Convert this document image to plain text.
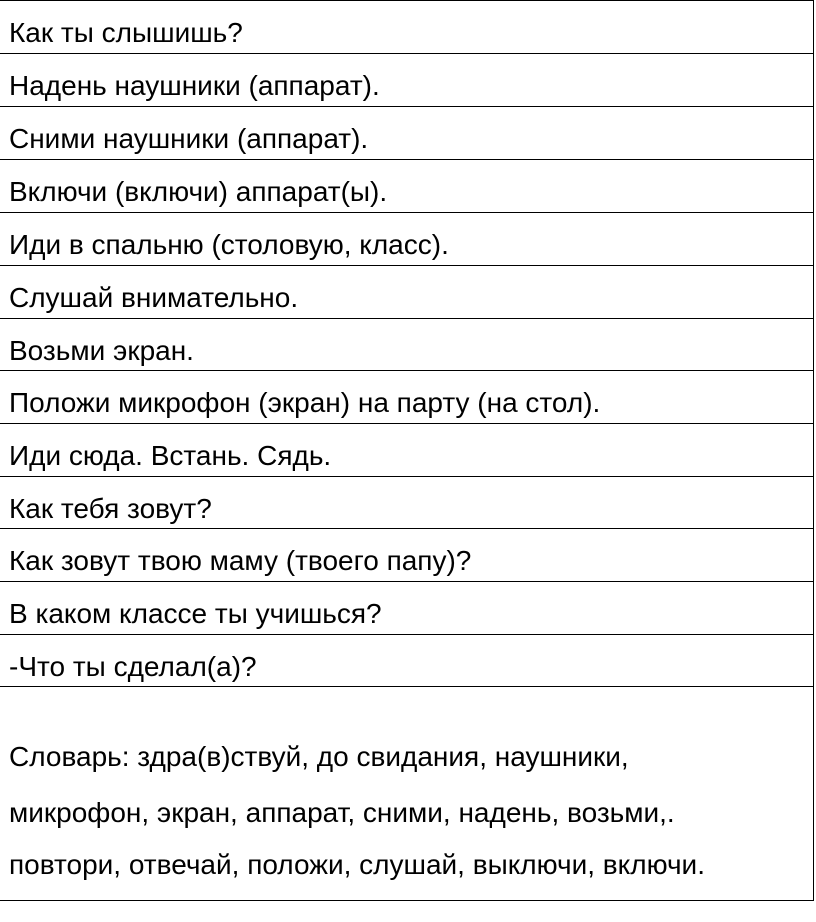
Как ты слышишь?
Надень наушники (аппарат).
Сними наушники (аппарат).
Включи (включи) аппарат(ы).
Иди в спальню (столовую, класс).
Слушай внимательно.
Возьми экран.
Положи микрофон (экран) на парту (на стол).
Иди сюда. Встань. Сядь.
Как тебя зовут?
Как зовут твою маму (твоего папу)?
В каком классе ты учишься?
-Что ты сделал(а)?
Словарь: здра(в)ствуй, до свидания, наушники,
микрофон, экран, аппарат, сними, надень, возьми,.
повтори, отвечай, положи, слушай, выключи, включи.
